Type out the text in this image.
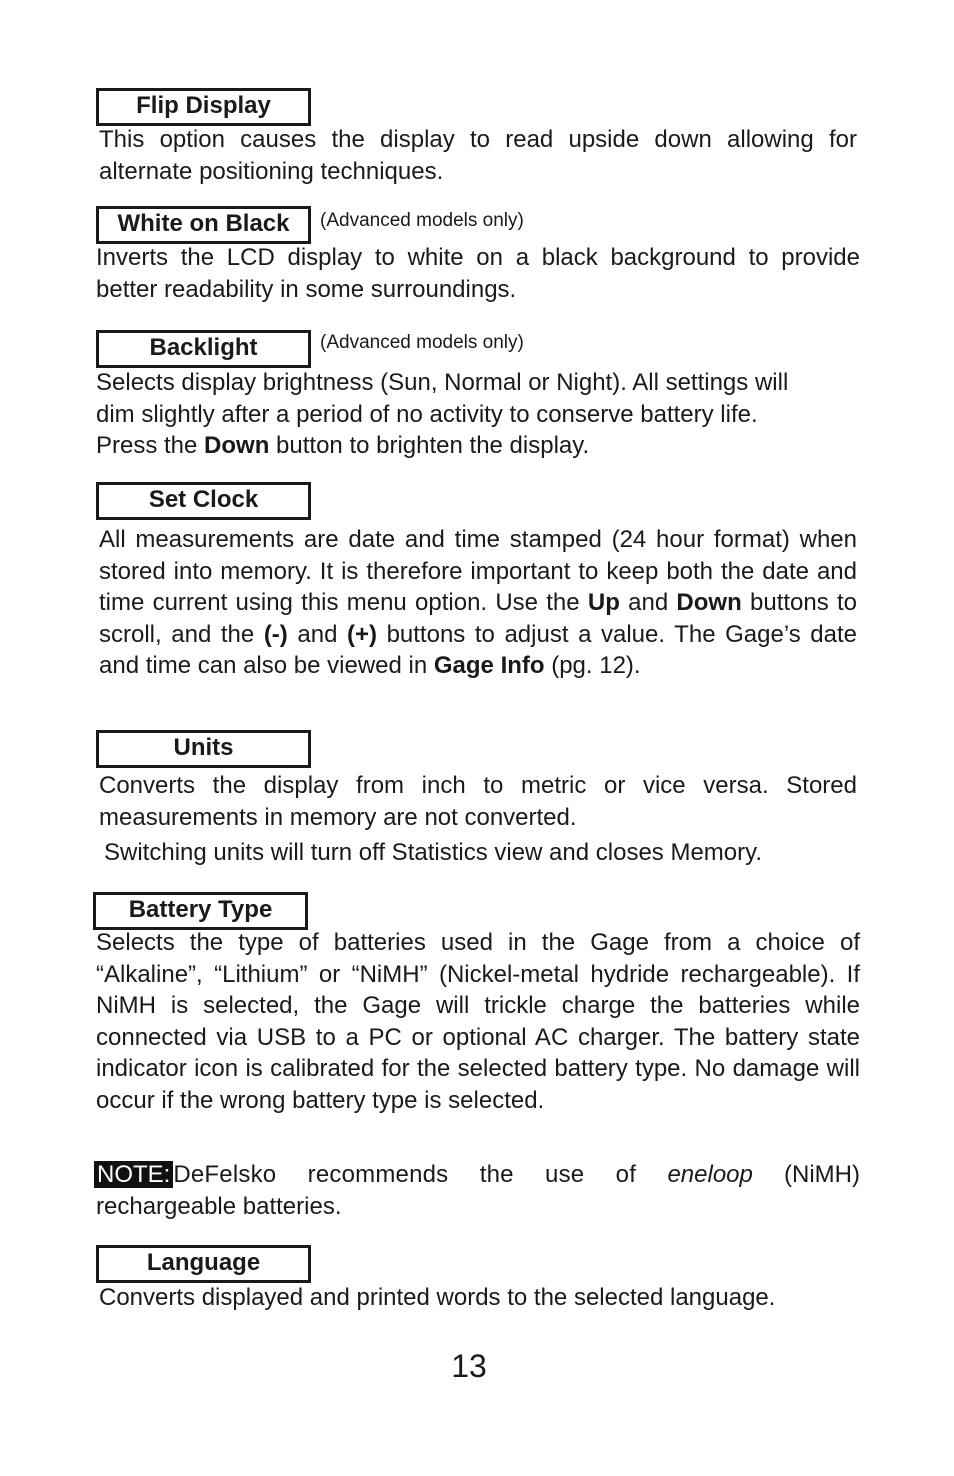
Flip Display

This option causes the display to read upside down allowing for alternate positioning techniques.

White on Black	(Advanced models only)

Inverts the LCD display to white on a black background to provide better readability in some surroundings.

Backlight	(Advanced models only)
Selects display brightness (Sun, Normal or Night). All settings will
dim slightly after a period of no activity to conserve battery life.
Press the Down button to brighten the display.
Set Clock

All measurements are date and time stamped (24 hour format) when stored into memory. It is therefore important to keep both the date and time current using this menu option. Use the Up and Down buttons to scroll, and the (-) and (+) buttons to adjust a value. The Gage’s date and time can also be viewed in Gage Info (pg. 12).

Units

Converts the display from inch to metric or vice versa. Stored measurements in memory are not converted.

Switching units will turn off Statistics view and closes Memory.

Battery Type

Selects the type of batteries used in the Gage from a choice of “Alkaline”, “Lithium” or “NiMH” (Nickel-metal hydride rechargeable). If NiMH is selected, the Gage will trickle charge the batteries while connected via USB to a PC or optional AC charger. The battery state indicator icon is calibrated for the selected battery type. No damage will occur if the wrong battery type is selected.

NOTE: DeFelsko recommends the use of eneloop (NiMH)
rechargeable batteries.
Language

Converts displayed and printed words to the selected language.

13
